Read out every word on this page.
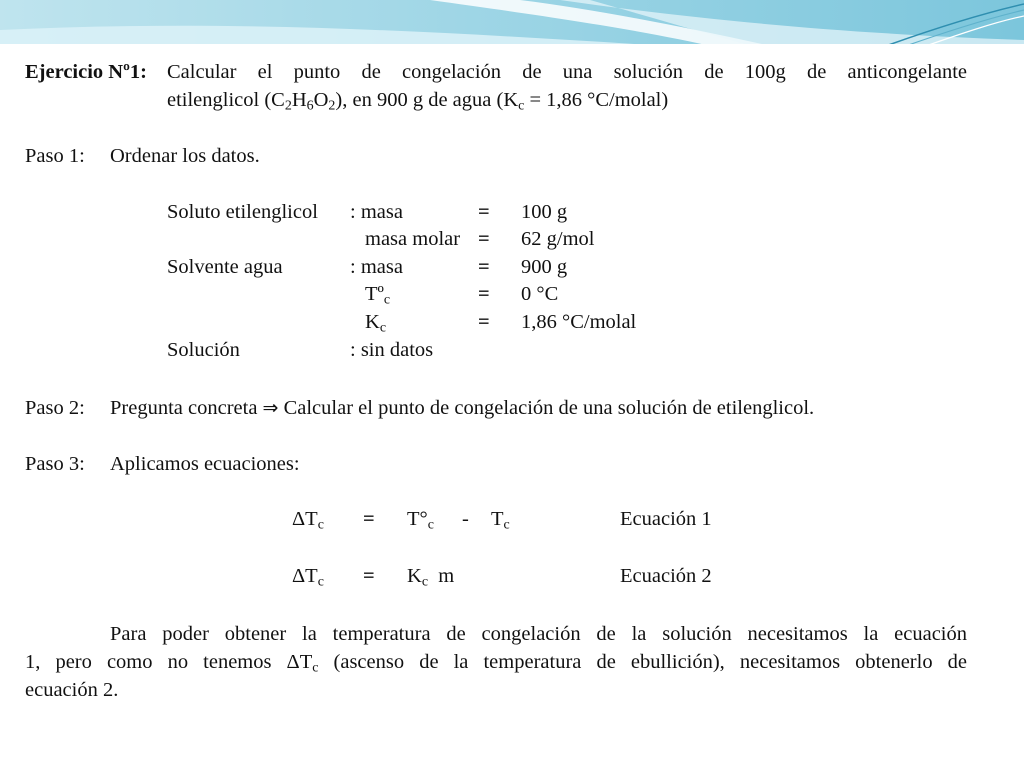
Ejercicio Nº1: Calcular el punto de congelación de una solución de 100g de anticongelante
etilenglicol $(C_2H_6O_2)$, en 900 g de agua ($K_c = 1,86$ °C/molal)
Paso 1: Ordenar los datos.
Soluto etilenglicol : masa	= 100 g
masa molar = 62 g/mol
Solvente agua	: masa	= 900 g
Tº$_c$	= 0 °C
$K_c$	= 1,86 °C/molal
Solución	: sin datos
Paso 2: Pregunta concreta ⇒ Calcular el punto de congelación de una solución de etilenglicol.
Paso 3: Aplicamos ecuaciones:
$\Delta T_c = T^\circ_c - T_c$	Ecuación 1
$\Delta T_c = K_c$ m	Ecuación 2
Para poder obtener la temperatura de congelación de la solución necesitamos la ecuación
1, pero como no tenemos $\Delta T_c$ (ascenso de la temperatura de ebullición), necesitamos obtenerlo de
ecuación 2.
